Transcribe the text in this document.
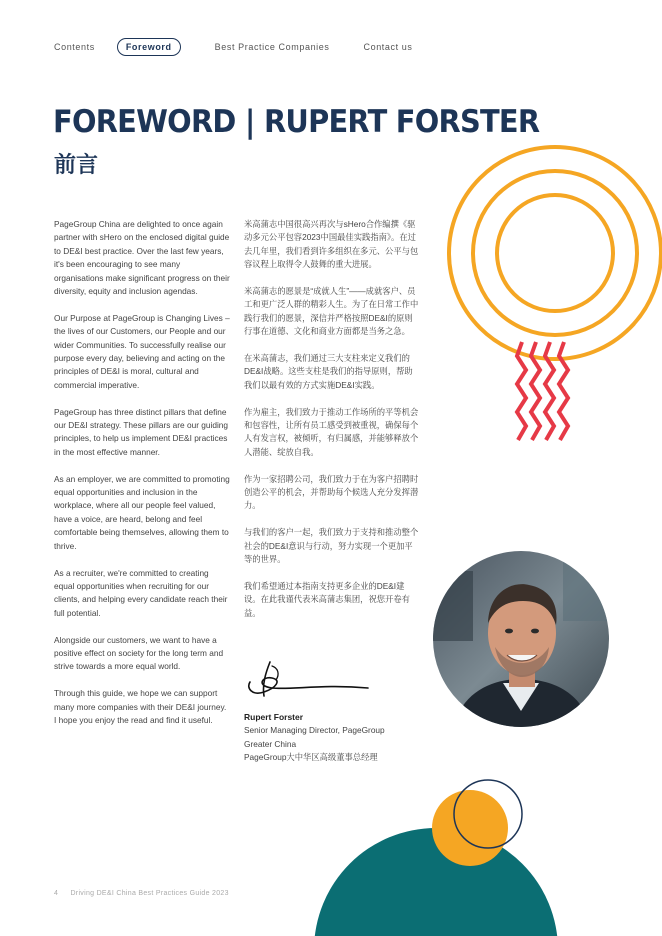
Contents	Foreword	Best Practice Companies	Contact us
FOREWORD | RUPERT FORSTER
前言

PageGroup China are delighted to once again partner with sHero on the enclosed digital guide to DE&I best practice. Over the last few years, it's been encouraging to see many organisations make significant progress on their diversity, equity and inclusion agendas.

Our Purpose at PageGroup is Changing Lives – the lives of our Customers, our People and our wider Communities. To successfully realise our purpose every day, believing and acting on the principles of DE&I is moral, cultural and commercial imperative.

PageGroup has three distinct pillars that define our DE&I strategy. These pillars are our guiding principles, to help us implement DE&I practices in the most effective manner.

As an employer, we are committed to promoting equal opportunities and inclusion in the workplace, where all our people feel valued, have a voice, are heard, belong and feel comfortable being themselves, allowing them to thrive.

As a recruiter, we're committed to creating equal opportunities when recruiting for our clients, and helping every candidate reach their full potential.

Alongside our customers, we want to have a positive effect on society for the long term and strive towards a more equal world.

Through this guide, we hope we can support many more companies with their DE&I journey. I hope you enjoy the read and find it useful.

米高蒲志中国很高兴再次与sHero合作编撰《驱动多元公平包容2023中国最佳实践指南》。在过去几年里，我们看到许多组织在多元、公平与包容议程上取得令人鼓舞的重大进展。

米高蒲志的愿景是“成就人生”——成就客户、员工和更广泛人群的精彩人生。为了在日常工作中践行我们的愿景，深信并严格按照DE&I的原则行事在道德、文化和商业方面都是当务之急。

在米高蒲志，我们通过三大支柱来定义我们的DE&I战略。这些支柱是我们的指导原则，帮助我们以最有效的方式实施DE&I实践。

作为雇主，我们致力于推动工作场所的平等机会和包容性，让所有员工感受到被重视，确保每个人有发言权，被倾听，有归属感，并能够释放个人潜能、绽放自我。

作为一家招聘公司，我们致力于在为客户招聘时创造公平的机会，并帮助每个候选人充分发挥潜力。

与我们的客户一起，我们致力于支持和推动整个社会的DE&I意识与行动，努力实现一个更加平等的世界。

我们希望通过本指南支持更多企业的DE&I建设。在此我谨代表米高蒲志集团，祝您开卷有益。

Rupert Forster
Senior Managing Director, PageGroup
Greater China
PageGroup大中华区高级董事总经理
4 Driving DE&I China Best Practices Guide 2023
